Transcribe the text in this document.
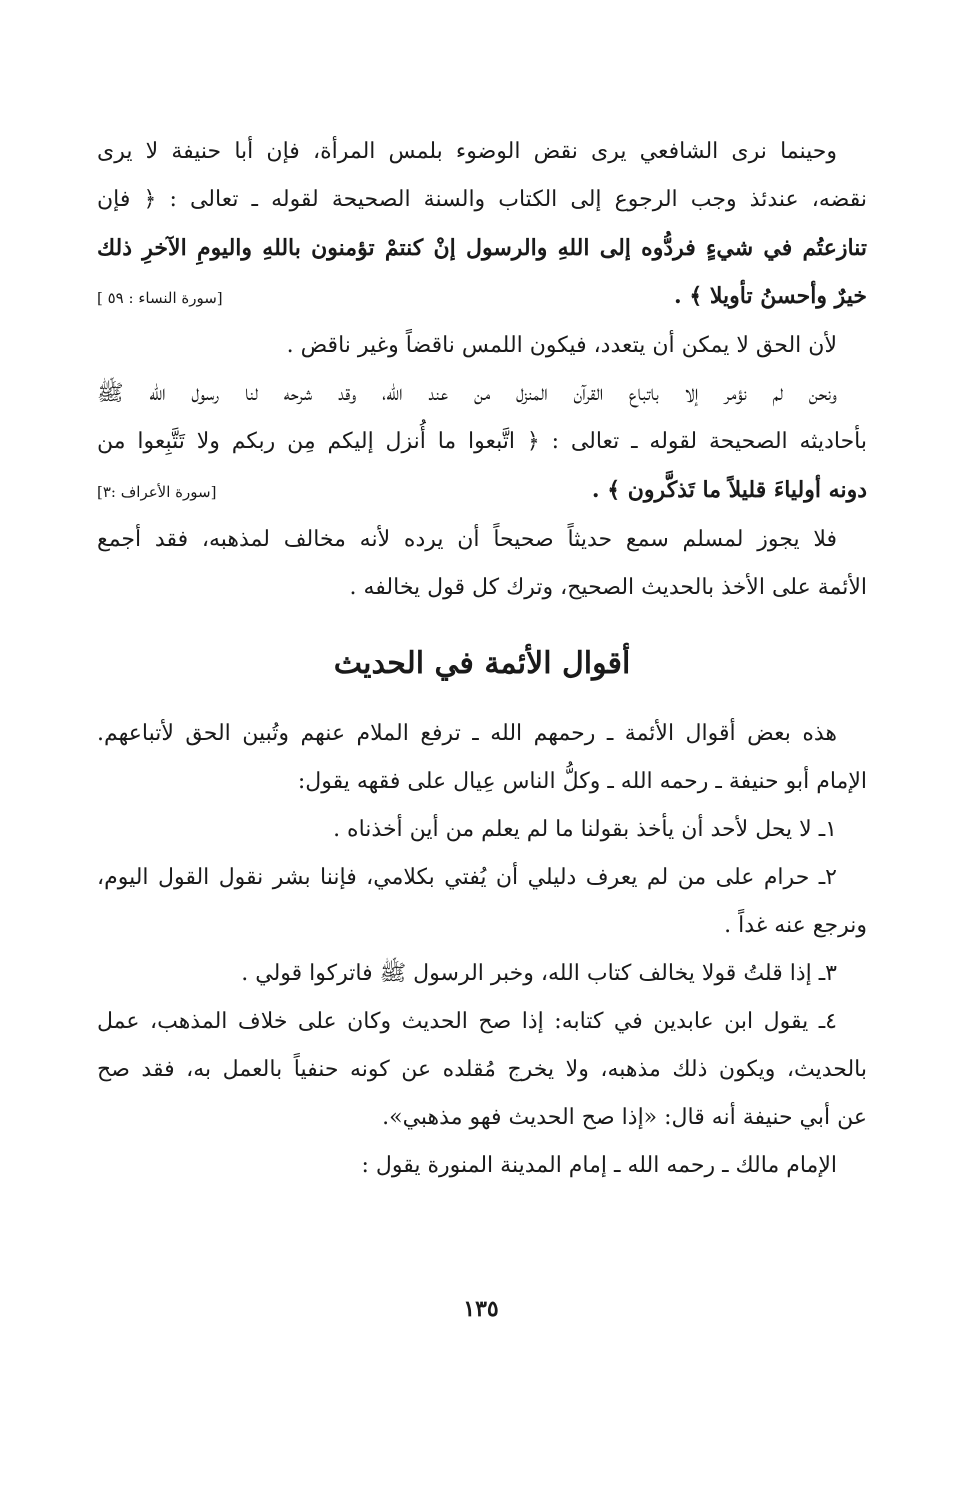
وحينما نرى الشافعي يرى نقض الوضوء بلمس المرأة، فإن أبا حنيفة لا يرى
نقضه، عندئذ وجب الرجوع إلى الكتاب والسنة الصحيحة لقوله ـ تعالى : ﴿ فإن
تنازعتُم في شيءٍ فردُّوه إلى اللهِ والرسول إنْ كنتمْ تؤمنون باللهِ واليومِ الآخرِ ذلك
خيرٌ وأحسنُ تأويلا ﴾ .
[سورة النساء : ٥٩ ]
لأن الحق لا يمكن أن يتعدد، فيكون اللمس ناقضاً وغير ناقض .
ونحن لم نؤمر إلا باتباع القرآن المنزل من عند الله، وقد شرحه لنا رسول الله ﷺ
بأحاديثه الصحيحة لقوله ـ تعالى : ﴿ اتَّبعوا ما أُنزل إليكم مِن ربكم ولا تَتَّبِعوا من
دونه أولياءَ قليلاً ما تَذكَّرون ﴾ .
[سورة الأعراف :٣]
فلا يجوز لمسلم سمع حديثاً صحيحاً أن يرده لأنه مخالف لمذهبه، فقد أجمع
الأئمة على الأخذ بالحديث الصحيح، وترك كل قول يخالفه .
أقوال الأئمة في الحديث
هذه بعض أقوال الأئمة ـ رحمهم الله ـ ترفع الملام عنهم وتُبين الحق لأتباعهم.
الإمام أبو حنيفة ـ رحمه الله ـ وكلُّ الناس عِيال على فقهه يقول:
١ـ لا يحل لأحد أن يأخذ بقولنا ما لم يعلم من أين أخذناه .
٢ـ حرام على من لم يعرف دليلي أن يُفتي بكلامي، فإننا بشر نقول القول اليوم،
ونرجع عنه غداً .
٣ـ إذا قلتُ قولا يخالف كتاب الله، وخبر الرسول ﷺ فاتركوا قولي .
٤ـ يقول ابن عابدين في كتابه: إذا صح الحديث وكان على خلاف المذهب، عمل
بالحديث، ويكون ذلك مذهبه، ولا يخرج مُقلده عن كونه حنفياً بالعمل به، فقد صح
عن أبي حنيفة أنه قال: «إذا صح الحديث فهو مذهبي».
الإمام مالك ـ رحمه الله ـ إمام المدينة المنورة يقول :
١٣٥
